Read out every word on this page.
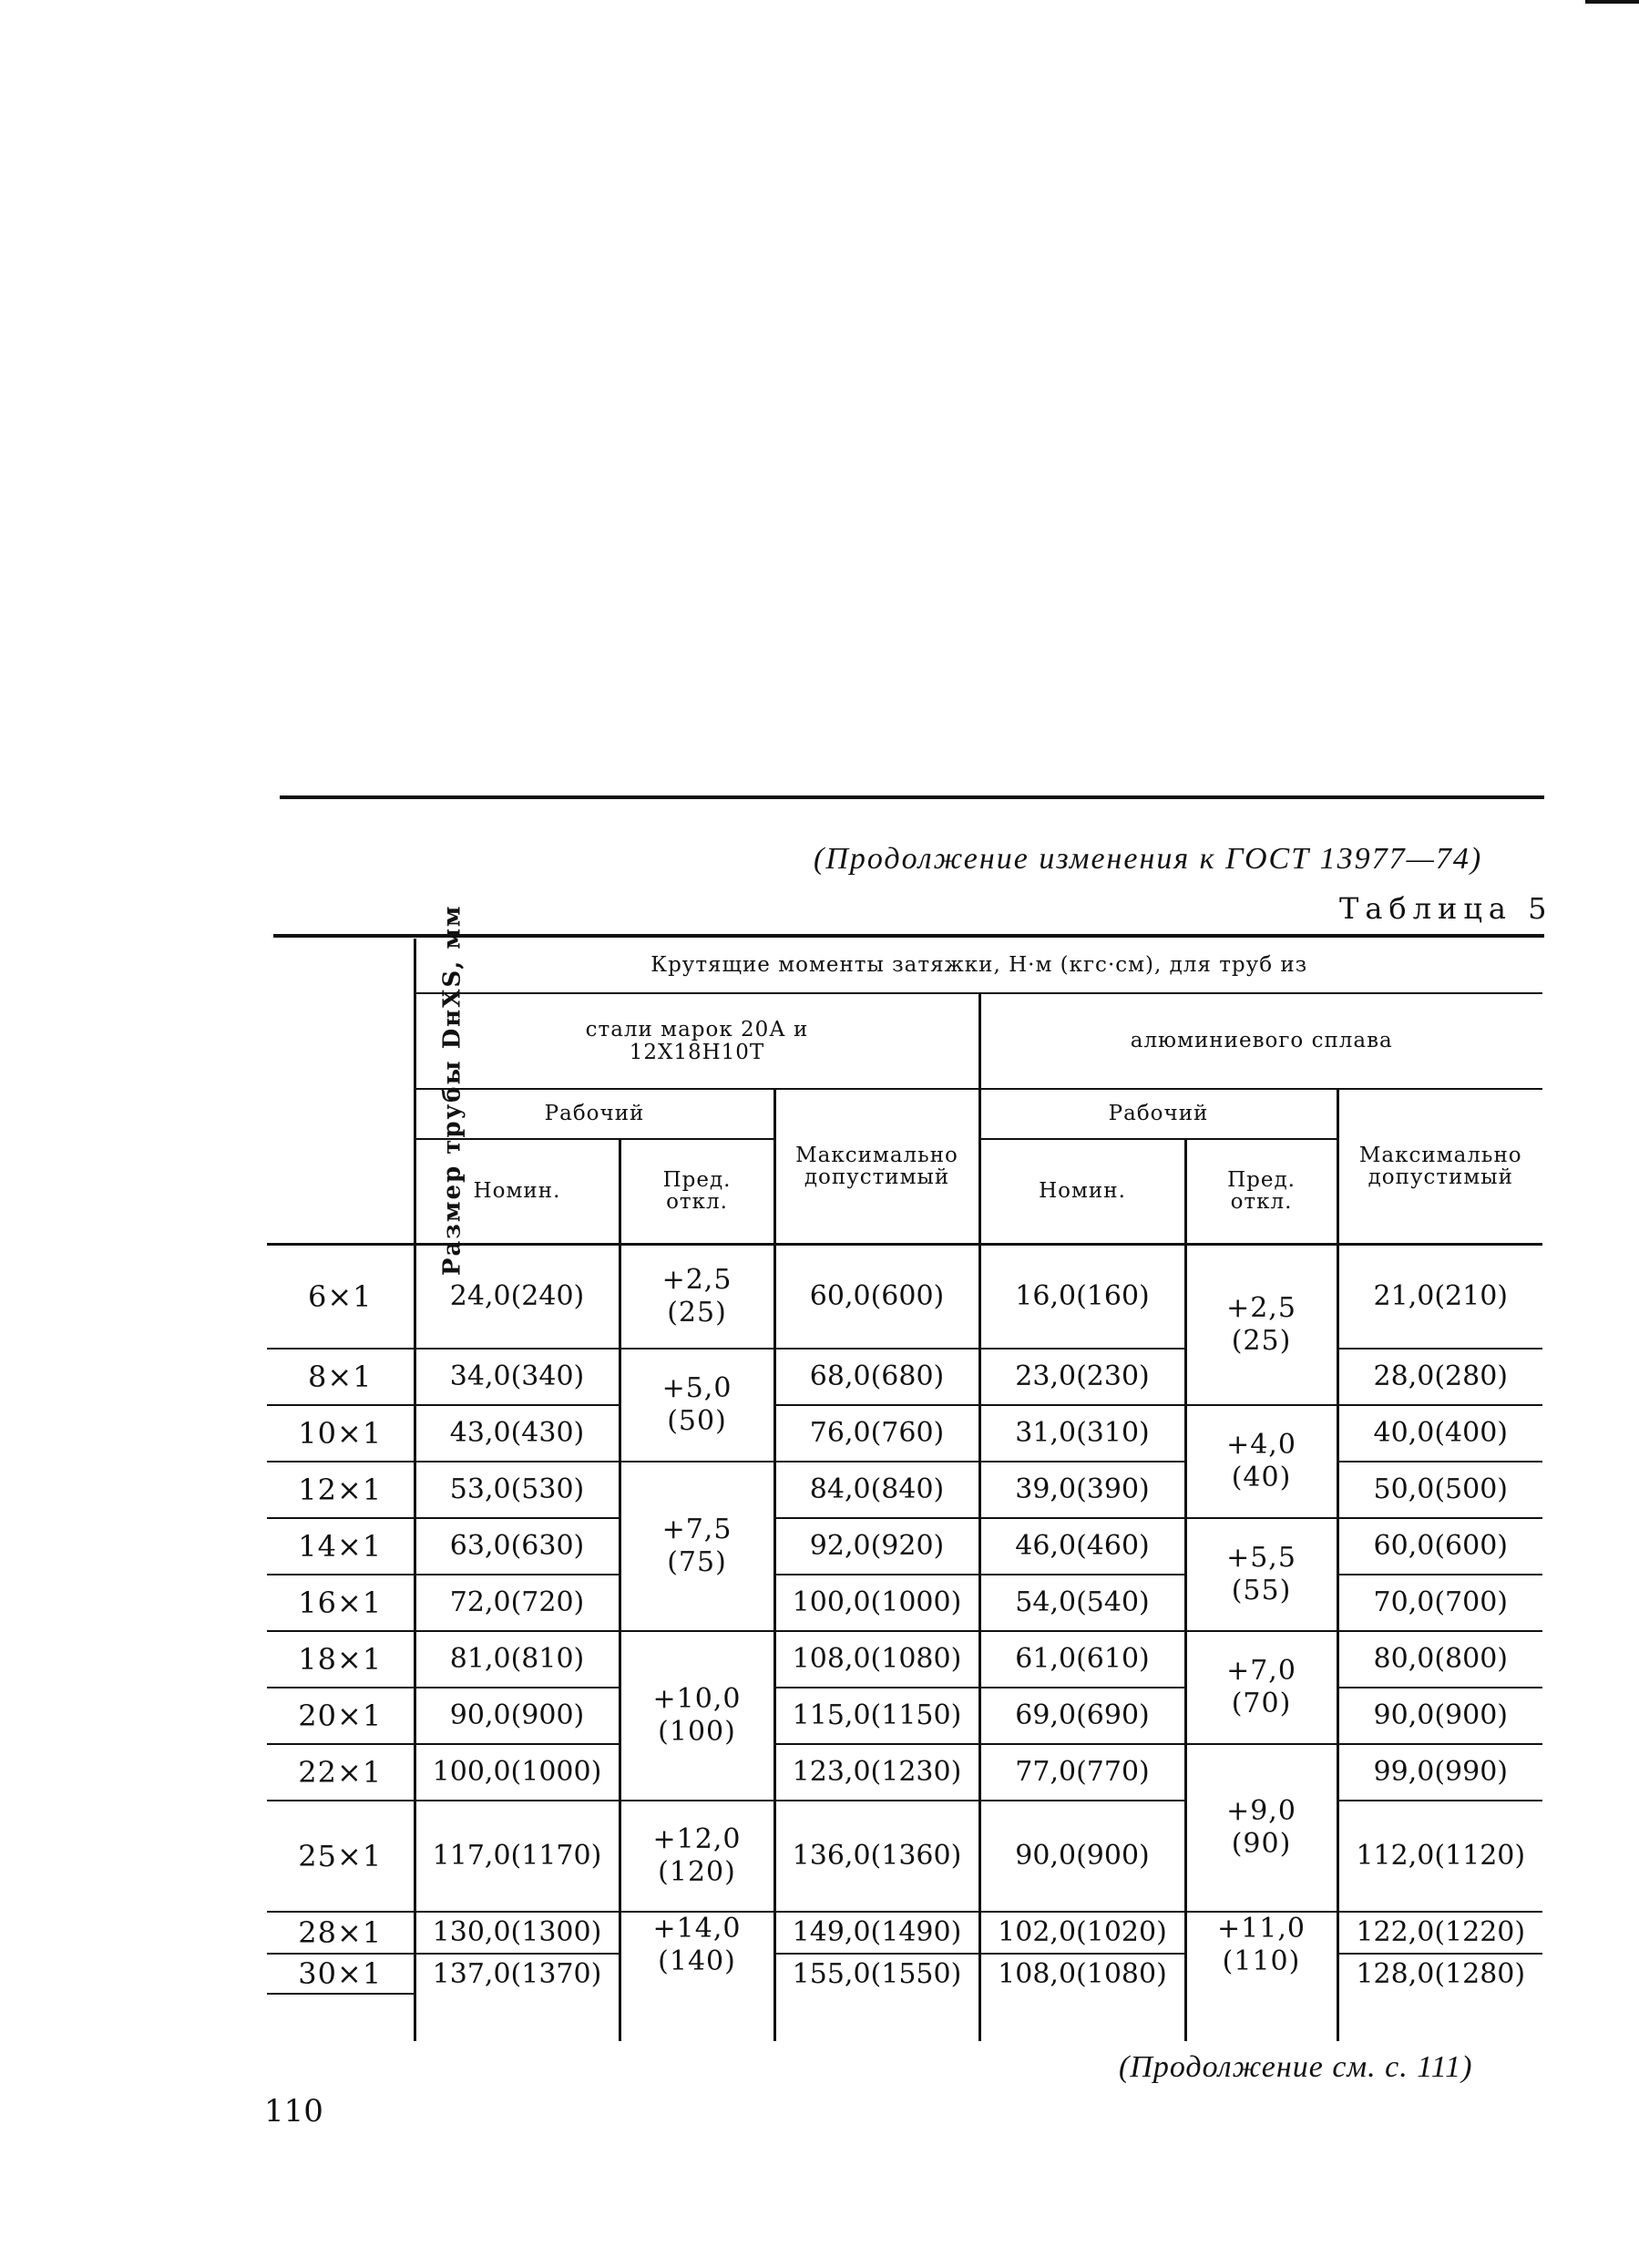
(Продолжение изменения к ГОСТ 13977—74)
Таблица 5
Размер трубы DнXS, мм	Крутящие моменты затяжки, Н·м (кгс·см), для труб из					
	стали марок 20А и 12Х18Н10Т			алюминиевого сплава		
	Рабочий		Максимально допустимый	Рабочий		Максимально допустимый
	Номин.	Пред. откл.		Номин.	Пред. откл.	
6×1	24,0(240)	+2,5 (25)	60,0(600)	16,0(160)	+2,5 (25)	21,0(210)
8×1	34,0(340)	+5,0 (50)	68,0(680)	23,0(230)		28,0(280)
10×1	43,0(430)		76,0(760)	31,0(310)	+4,0 (40)	40,0(400)
12×1	53,0(530)	+7,5 (75)	84,0(840)	39,0(390)		50,0(500)
14×1	63,0(630)		92,0(920)	46,0(460)	+5,5 (55)	60,0(600)
16×1	72,0(720)		100,0(1000)	54,0(540)		70,0(700)
18×1	81,0(810)	+10,0 (100)	108,0(1080)	61,0(610)	+7,0 (70)	80,0(800)
20×1	90,0(900)		115,0(1150)	69,0(690)		90,0(900)
22×1	100,0(1000)		123,0(1230)	77,0(770)	+9,0 (90)	99,0(990)
25×1	117,0(1170)	+12,0 (120)	136,0(1360)	90,0(900)		112,0(1120)
28×1	130,0(1300)	+14,0 (140)	149,0(1490)	102,0(1020)	+11,0 (110)	122,0(1220)
30×1	137,0(1370)		155,0(1550)	108,0(1080)		128,0(1280)

(Продолжение см. с. 111)
110
